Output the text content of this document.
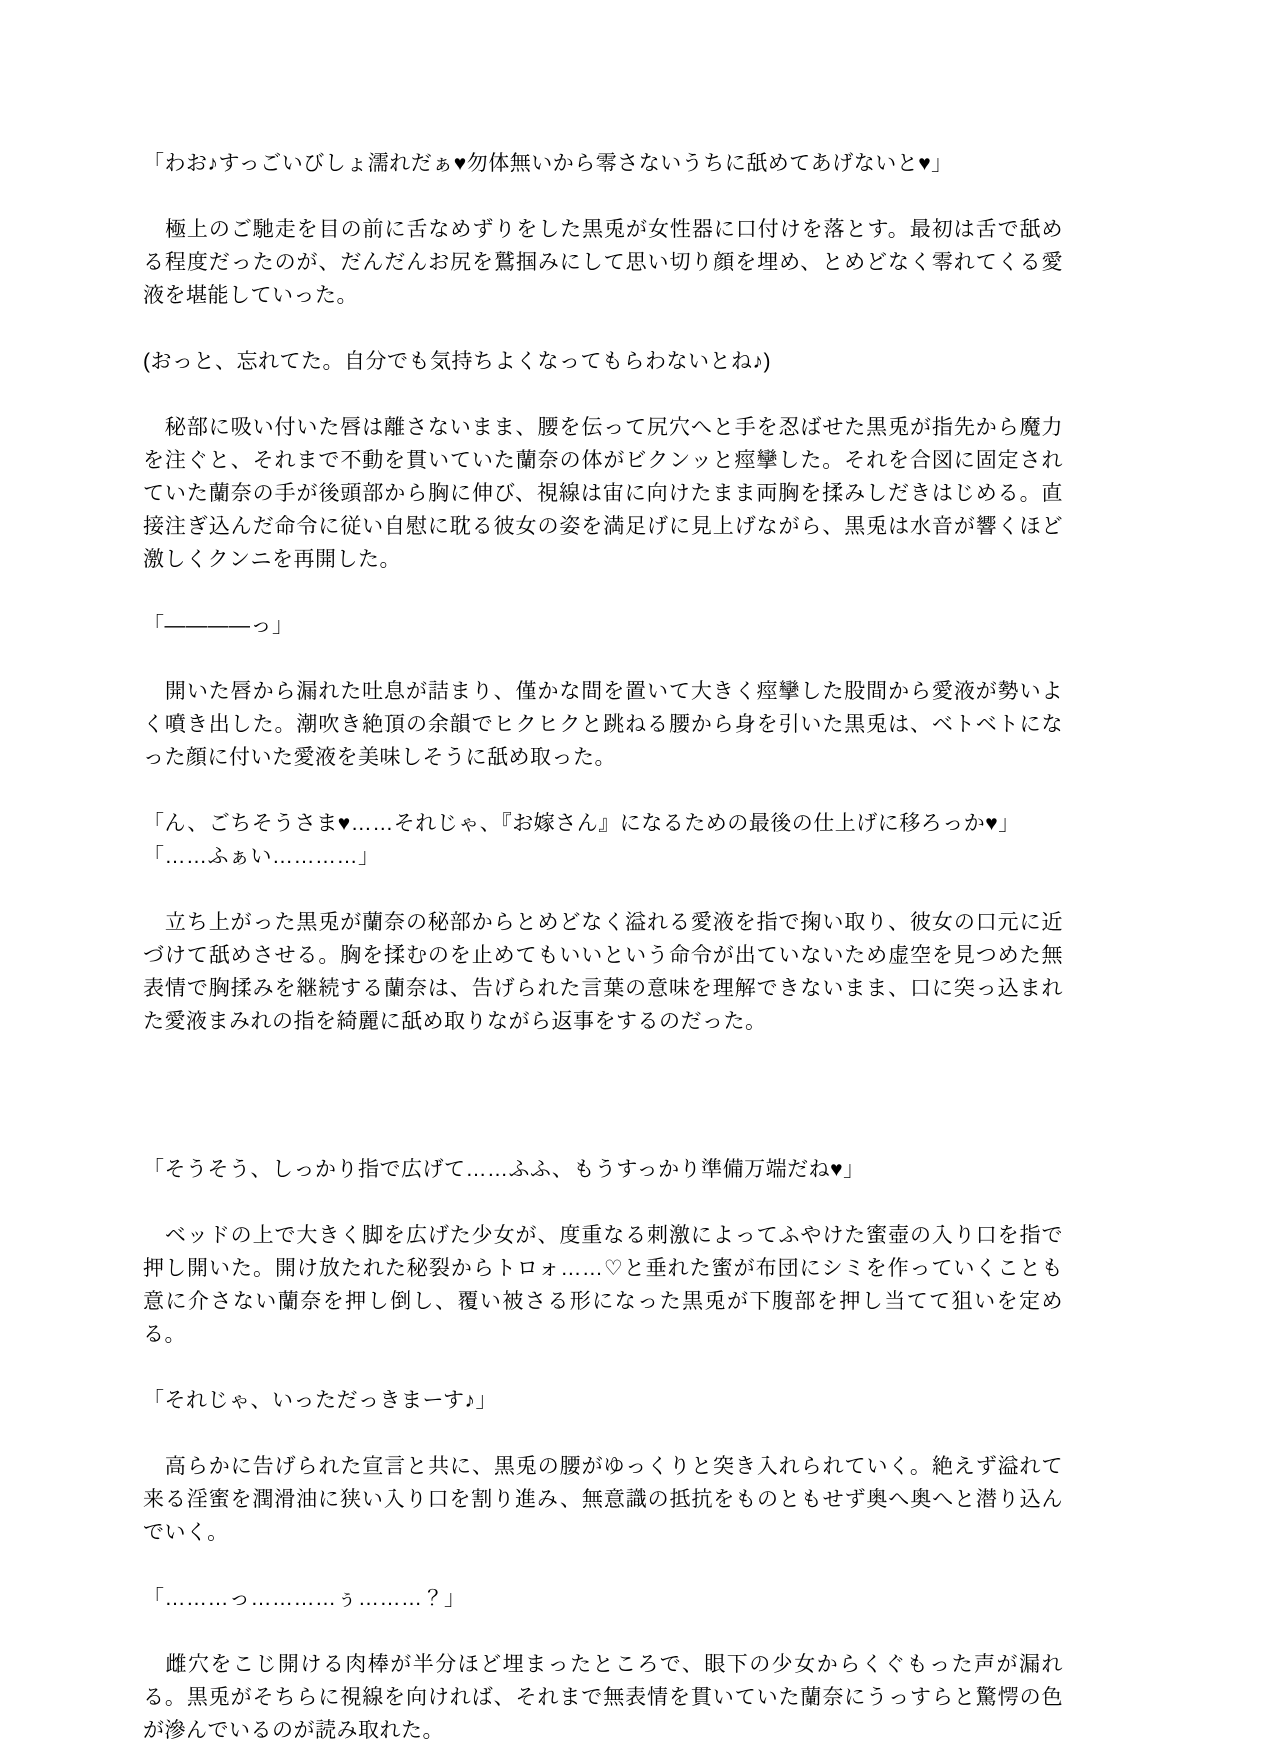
「わお♪すっごいびしょ濡れだぁ♥勿体無いから零さないうちに舐めてあげないと♥」

　極上のご馳走を目の前に舌なめずりをした黒兎が女性器に口付けを落とす。最初は舌で舐める程度だったのが、だんだんお尻を鷲掴みにして思い切り顔を埋め、とめどなく零れてくる愛液を堪能していった。

(おっと、忘れてた。自分でも気持ちよくなってもらわないとね♪)

　秘部に吸い付いた唇は離さないまま、腰を伝って尻穴へと手を忍ばせた黒兎が指先から魔力を注ぐと、それまで不動を貫いていた蘭奈の体がビクンッと痙攣した。それを合図に固定されていた蘭奈の手が後頭部から胸に伸び、視線は宙に向けたまま両胸を揉みしだきはじめる。直接注ぎ込んだ命令に従い自慰に耽る彼女の姿を満足げに見上げながら、黒兎は水音が響くほど激しくクンニを再開した。

「――――っ」

　開いた唇から漏れた吐息が詰まり、僅かな間を置いて大きく痙攣した股間から愛液が勢いよく噴き出した。潮吹き絶頂の余韻でヒクヒクと跳ねる腰から身を引いた黒兎は、ベトベトになった顔に付いた愛液を美味しそうに舐め取った。

「ん、ごちそうさま♥……それじゃ、『お嫁さん』になるための最後の仕上げに移ろっか♥」

「……ふぁい…………」

　立ち上がった黒兎が蘭奈の秘部からとめどなく溢れる愛液を指で掬い取り、彼女の口元に近づけて舐めさせる。胸を揉むのを止めてもいいという命令が出ていないため虚空を見つめた無表情で胸揉みを継続する蘭奈は、告げられた言葉の意味を理解できないまま、口に突っ込まれた愛液まみれの指を綺麗に舐め取りながら返事をするのだった。

「そうそう、しっかり指で広げて……ふふ、もうすっかり準備万端だね♥」

　ベッドの上で大きく脚を広げた少女が、度重なる刺激によってふやけた蜜壺の入り口を指で押し開いた。開け放たれた秘裂からトロォ……♡と垂れた蜜が布団にシミを作っていくことも意に介さない蘭奈を押し倒し、覆い被さる形になった黒兎が下腹部を押し当てて狙いを定める。

「それじゃ、いっただっきまーす♪」

　高らかに告げられた宣言と共に、黒兎の腰がゆっくりと突き入れられていく。絶えず溢れて来る淫蜜を潤滑油に狭い入り口を割り進み、無意識の抵抗をものともせず奥へ奥へと潜り込んでいく。

「………っ…………ぅ………？」

　雌穴をこじ開ける肉棒が半分ほど埋まったところで、眼下の少女からくぐもった声が漏れる。黒兎がそちらに視線を向ければ、それまで無表情を貫いていた蘭奈にうっすらと驚愕の色が滲んでいるのが読み取れた。
